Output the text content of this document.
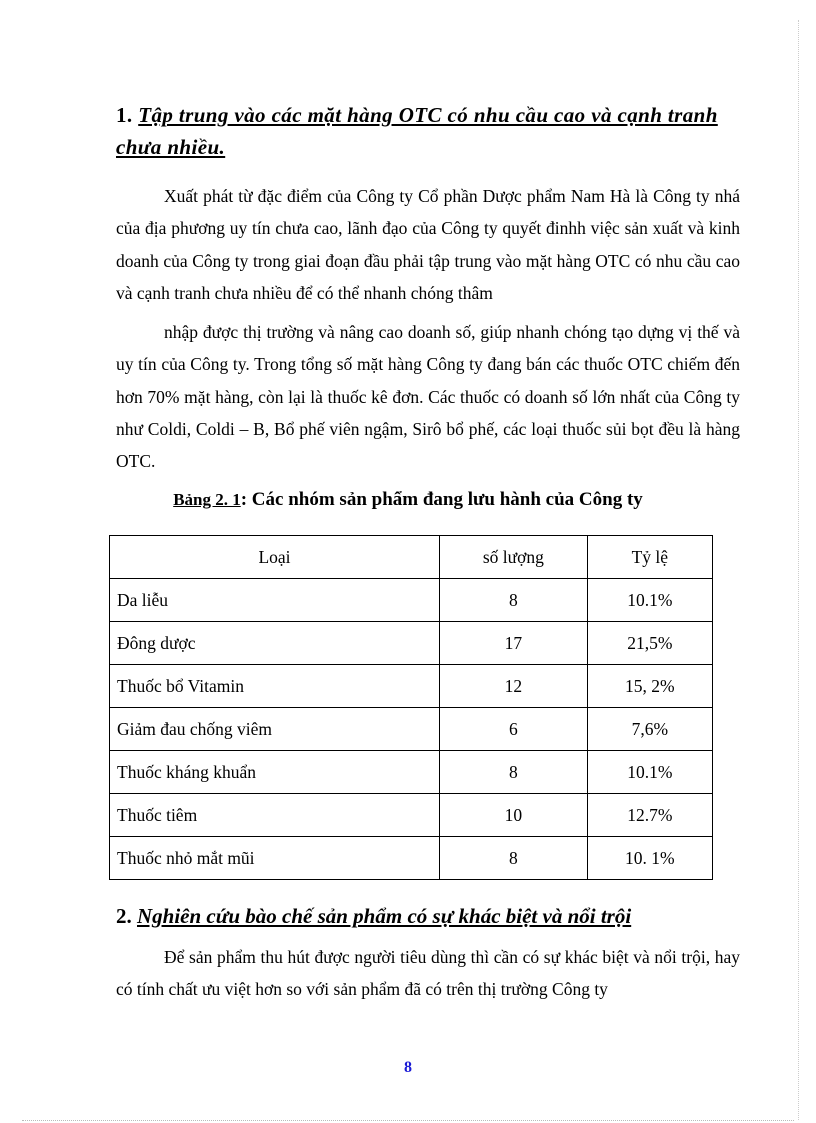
1. Tập trung vào các mặt hàng OTC có nhu cầu cao và cạnh tranh chưa nhiều.

Xuất phát từ đặc điểm của Công ty Cổ phần Dược phẩm Nam Hà là Công ty nhá của địa phương uy tín chưa cao, lãnh đạo của Công ty quyết đinhh việc sản xuất và kinh doanh của Công ty trong giai đoạn đầu phải tập trung vào mặt hàng OTC có nhu cầu cao và cạnh tranh chưa nhiều để có thể nhanh chóng thâm

nhập được thị trường và nâng cao doanh số, giúp nhanh chóng tạo dựng vị thế và uy tín của Công ty. Trong tổng số mặt hàng Công ty đang bán các thuốc OTC chiếm đến hơn 70% mặt hàng, còn lại là thuốc kê đơn. Các thuốc có doanh số lớn nhất của Công ty như Coldi, Coldi – B, Bổ phế viên ngậm, Sirô bổ phế, các loại thuốc sủi bọt đều là hàng OTC.

Bảng 2. 1: Các nhóm sản phẩm đang lưu hành của Công ty
Loại	số lượng	Tỷ lệ
Da liễu	8	10.1%
Đông dược	17	21,5%
Thuốc bổ Vitamin	12	15, 2%
Giảm đau chống viêm	6	7,6%
Thuốc kháng khuẩn	8	10.1%
Thuốc tiêm	10	12.7%
Thuốc nhỏ mắt mũi	8	10. 1%
2. Nghiên cứu bào chế sản phẩm có sự khác biệt và nổi trội

Để sản phẩm thu hút được người tiêu dùng thì cần có sự khác biệt và nổi trội, hay có tính chất ưu việt hơn so với sản phẩm đã có trên thị trường Công ty

8
